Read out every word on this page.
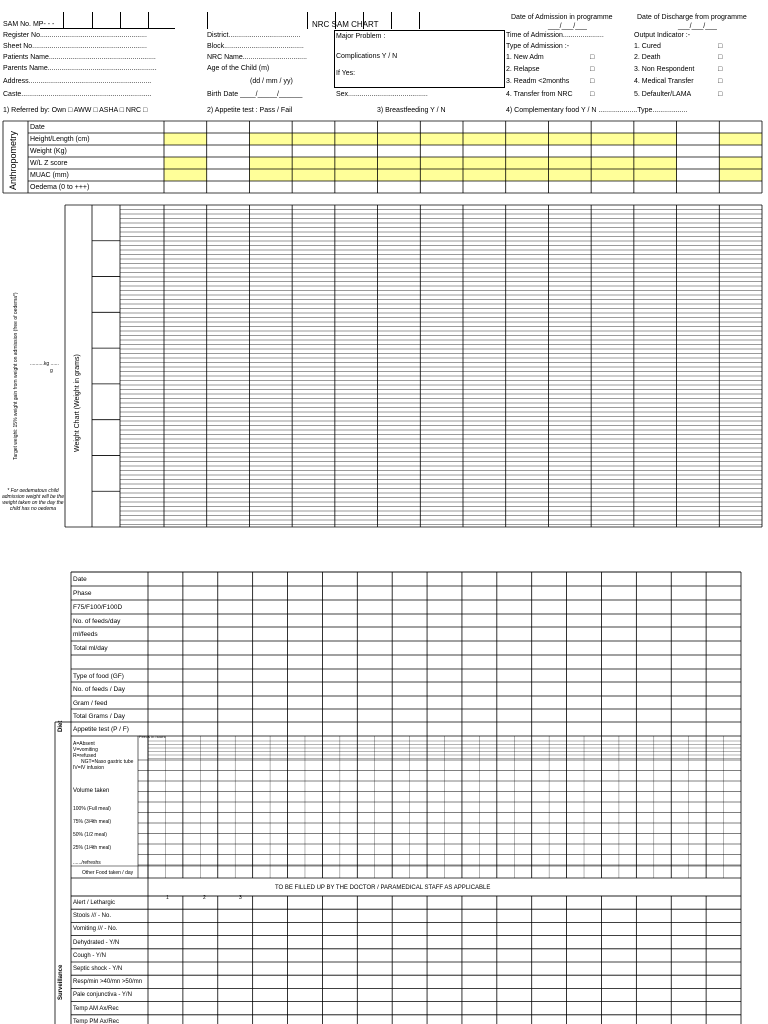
SAM No. MP- - -	NRC SAM CHART
Register No.......................................................
Sheet No...........................................................
Patients Name.......................................................
Parents Name........................................................
Address...............................................................
Caste...................................................................
District.....................................
Block.........................................
NRC Name.................................
Age of the Child (m)
(dd / mm / yy)
Birth Date ____/_____/______
Major Problem :
Complications Y / N
If Yes:
Sex.........................................
Date of Admission in programme
___/___/___
Time of Admission.....................
Type of Admission :-
1. New Adm	□
2. Relapse	□
3. Readm <2months	□
4. Transfer from NRC □
Date of Discharge from programme
___/___/___
Output Indicator :-
1. Cured	□
2. Death	□
3. Non Respondent	□
4. Medical Transfer	□
5. Defaulter/LAMA	□
1) Referred by: Own □ AWW □ ASHA □ NRC □	2) Appetite test : Pass / Fail	3) Breastfeeding Y / N	4) Complementary food Y / N ....................Type..................
Anthropometry
Date
Height/Length (cm)
Weight (Kg)
W/L Z score
MUAC (mm)
Oedema (0 to +++)
Target weight: 15% weight gain from weight on admission (free of oedema*) ..........kg ......
g
* For oedematous child admission weight will be the weight taken on the day the child has no oedema
Weight Chart (Weight in grams)
Diet
Date
Phase
F75/F100/F100D
No. of feeds/day
ml/feeds
Total ml/day
Type of food (GF)
No. of feeds / Day
Gram / feed
Total Grams / Day
Appetite test (P / F)
A=Absent
V=vomiting
R=refused
NGT=Naso gastric tube
IV=IV infusion
Volume taken
100% (Full meal)
75% (3/4th meal)
50% (1/2 meal)
25% (1/4th meal)
....../refreshs
Other Food taken / day
Feeds in hours
Surveillance
TO BE FILLED UP BY THE DOCTOR / PARAMEDICAL STAFF AS APPLICABLE
1	2	3
Alert / Lethargic
Stools /// - No.
Vomiting /// - No.
Dehydrated - Y/N
Cough - Y/N
Septic shock - Y/N
Resp/min >40/mn >50/mn
Pale conjunctiva - Y/N
Temp AM Ax/Rec
Temp PM Ax/Rec
